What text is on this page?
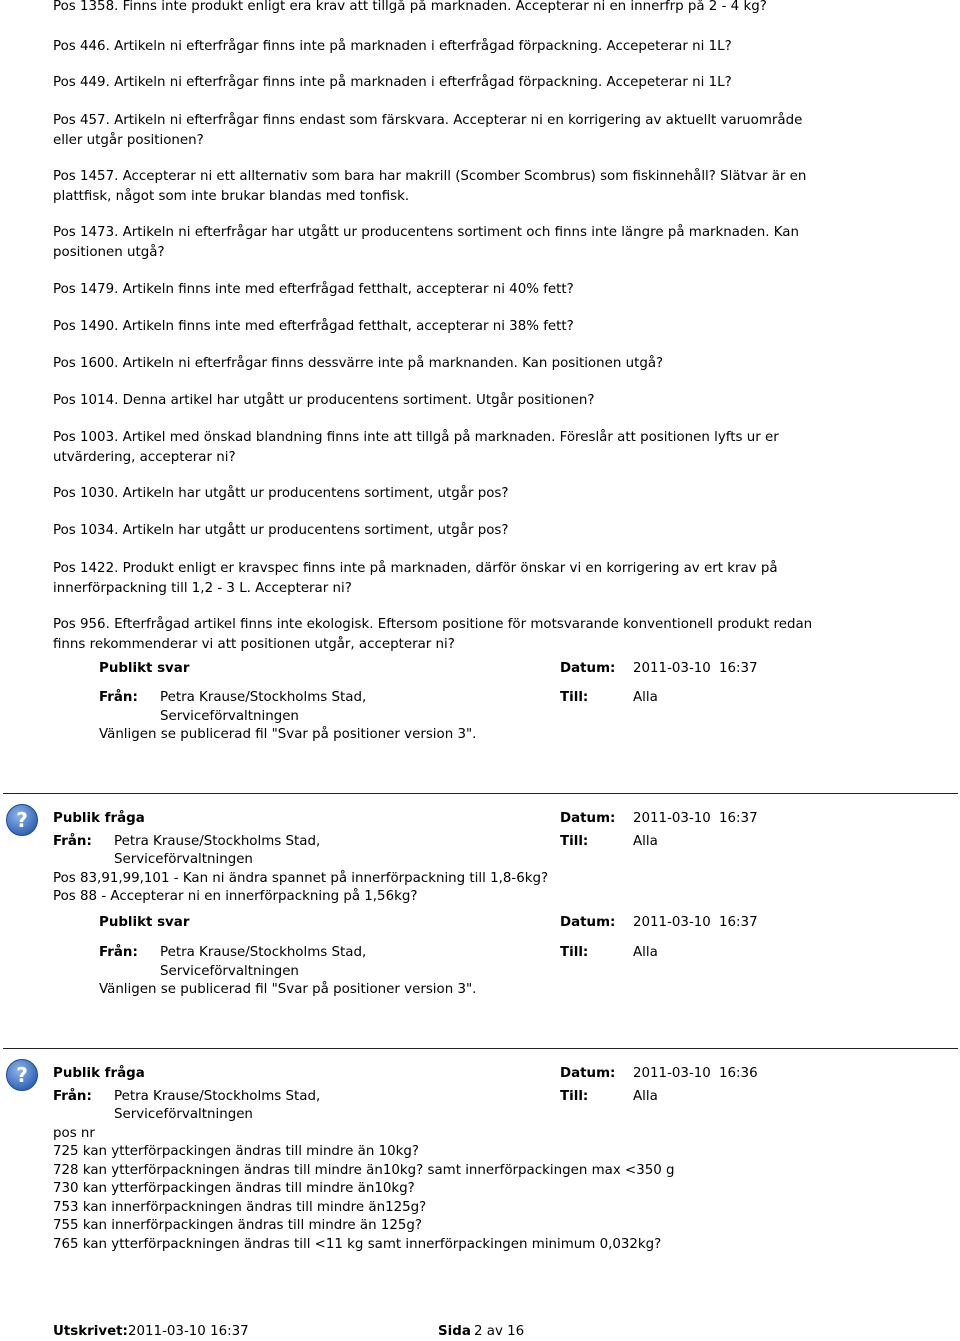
Pos 1358. Finns inte produkt enligt era krav att tillgå på marknaden. Accepterar ni en innerfrp på 2 - 4 kg?

Pos 446. Artikeln ni efterfrågar finns inte på marknaden i efterfrågad förpackning. Accepeterar ni 1L?

Pos 449. Artikeln ni efterfrågar finns inte på marknaden i efterfrågad förpackning. Accepeterar ni 1L?

Pos 457. Artikeln ni efterfrågar finns endast som färskvara. Accepterar ni en korrigering av aktuellt varuområde
eller utgår positionen?

Pos 1457. Accepterar ni ett allternativ som bara har makrill (Scomber Scombrus) som fiskinnehåll? Slätvar är en
plattfisk, något som inte brukar blandas med tonfisk.

Pos 1473. Artikeln ni efterfrågar har utgått ur producentens sortiment och finns inte längre på marknaden. Kan
positionen utgå?

Pos 1479. Artikeln finns inte med efterfrågad fetthalt, accepterar ni 40% fett?

Pos 1490. Artikeln finns inte med efterfrågad fetthalt, accepterar ni 38% fett?

Pos 1600. Artikeln ni efterfrågar finns dessvärre inte på marknanden. Kan positionen utgå?

Pos 1014. Denna artikel har utgått ur producentens sortiment. Utgår positionen?

Pos 1003. Artikel med önskad blandning finns inte att tillgå på marknaden. Föreslår att positionen lyfts ur er
utvärdering, accepterar ni?

Pos 1030. Artikeln har utgått ur producentens sortiment, utgår pos?

Pos 1034. Artikeln har utgått ur producentens sortiment, utgår pos?

Pos 1422. Produkt enligt er kravspec finns inte på marknaden, därför önskar vi en korrigering av ert krav på
innerförpackning till 1,2 - 3 L. Accepterar ni?

Pos 956. Efterfrågad artikel finns inte ekologisk. Eftersom positione för motsvarande konventionell produkt redan
finns rekommenderar vi att positionen utgår, accepterar ni?

Publikt svar	Datum: 2011-03-10 16:37
Från: Petra Krause/Stockholms Stad,
Serviceförvaltningen
Till:	Alla
Vänligen se publicerad fil "Svar på positioner version 3".
? Publik fråga	Datum: 2011-03-10 16:37
Från: Petra Krause/Stockholms Stad,
Serviceförvaltningen
Till:	Alla
Pos 83,91,99,101 - Kan ni ändra spannet på innerförpackning till 1,8-6kg?
Pos 88 - Accepterar ni en innerförpackning på 1,56kg?
Publikt svar	Datum: 2011-03-10 16:37
Från: Petra Krause/Stockholms Stad,
Serviceförvaltningen
Till:	Alla
Vänligen se publicerad fil "Svar på positioner version 3".
? Publik fråga	Datum: 2011-03-10 16:36
Från: Petra Krause/Stockholms Stad,
Serviceförvaltningen
Till:	Alla
pos nr
725 kan ytterförpackingen ändras till mindre än 10kg?
728 kan ytterförpackningen ändras till mindre än10kg? samt innerförpackingen max <350 g
730 kan ytterförpackingen ändras till mindre än10kg?
753 kan innerförpackningen ändras till mindre än125g?
755 kan innerförpackingen ändras till mindre än 125g?
765 kan ytterförpackningen ändras till <11 kg samt innerförpackingen minimum 0,032kg?
Utskrivet: 2011-03-10 16:37	Sida 2 av 16
